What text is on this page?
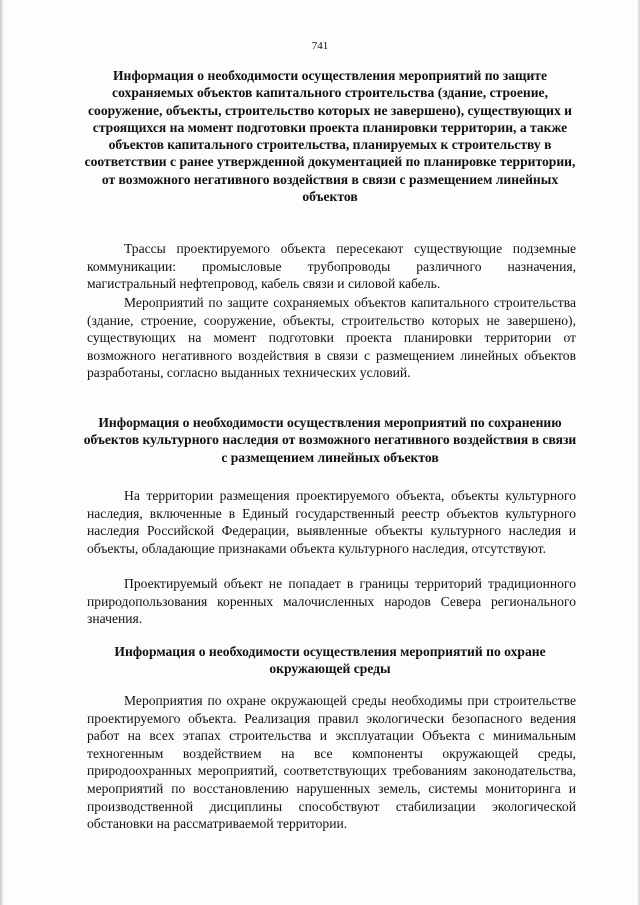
741
Информация о необходимости осуществления мероприятий по защите сохраняемых объектов капитального строительства (здание, строение, сооружение, объекты, строительство которых не завершено), существующих и строящихся на момент подготовки проекта планировки территории, а также объектов капитального строительства, планируемых к строительству в соответствии с ранее утвержденной документацией по планировке территории, от возможного негативного воздействия в связи с размещением линейных объектов

Трассы проектируемого объекта пересекают существующие подземные коммуникации: промысловые трубопроводы различного назначения, магистральный нефтепровод, кабель связи и силовой кабель.

Мероприятий по защите сохраняемых объектов капитального строительства (здание, строение, сооружение, объекты, строительство которых не завершено), существующих на момент подготовки проекта планировки территории от возможного негативного воздействия в связи с размещением линейных объектов разработаны, согласно выданных технических условий.

Информация о необходимости осуществления мероприятий по сохранению объектов культурного наследия от возможного негативного воздействия в связи с размещением линейных объектов

На территории размещения проектируемого объекта, объекты культурного наследия, включенные в Единый государственный реестр объектов культурного наследия Российской Федерации, выявленные объекты культурного наследия и объекты, обладающие признаками объекта культурного наследия, отсутствуют.

Проектируемый объект не попадает в границы территорий традиционного природопользования коренных малочисленных народов Севера регионального значения.

Информация о необходимости осуществления мероприятий по охране окружающей среды

Мероприятия по охране окружающей среды необходимы при строительстве проектируемого объекта. Реализация правил экологически безопасного ведения работ на всех этапах строительства и эксплуатации Объекта с минимальным техногенным воздействием на все компоненты окружающей среды, природоохранных мероприятий, соответствующих требованиям законодательства, мероприятий по восстановлению нарушенных земель, системы мониторинга и производственной дисциплины способствуют стабилизации экологической обстановки на рассматриваемой территории.
